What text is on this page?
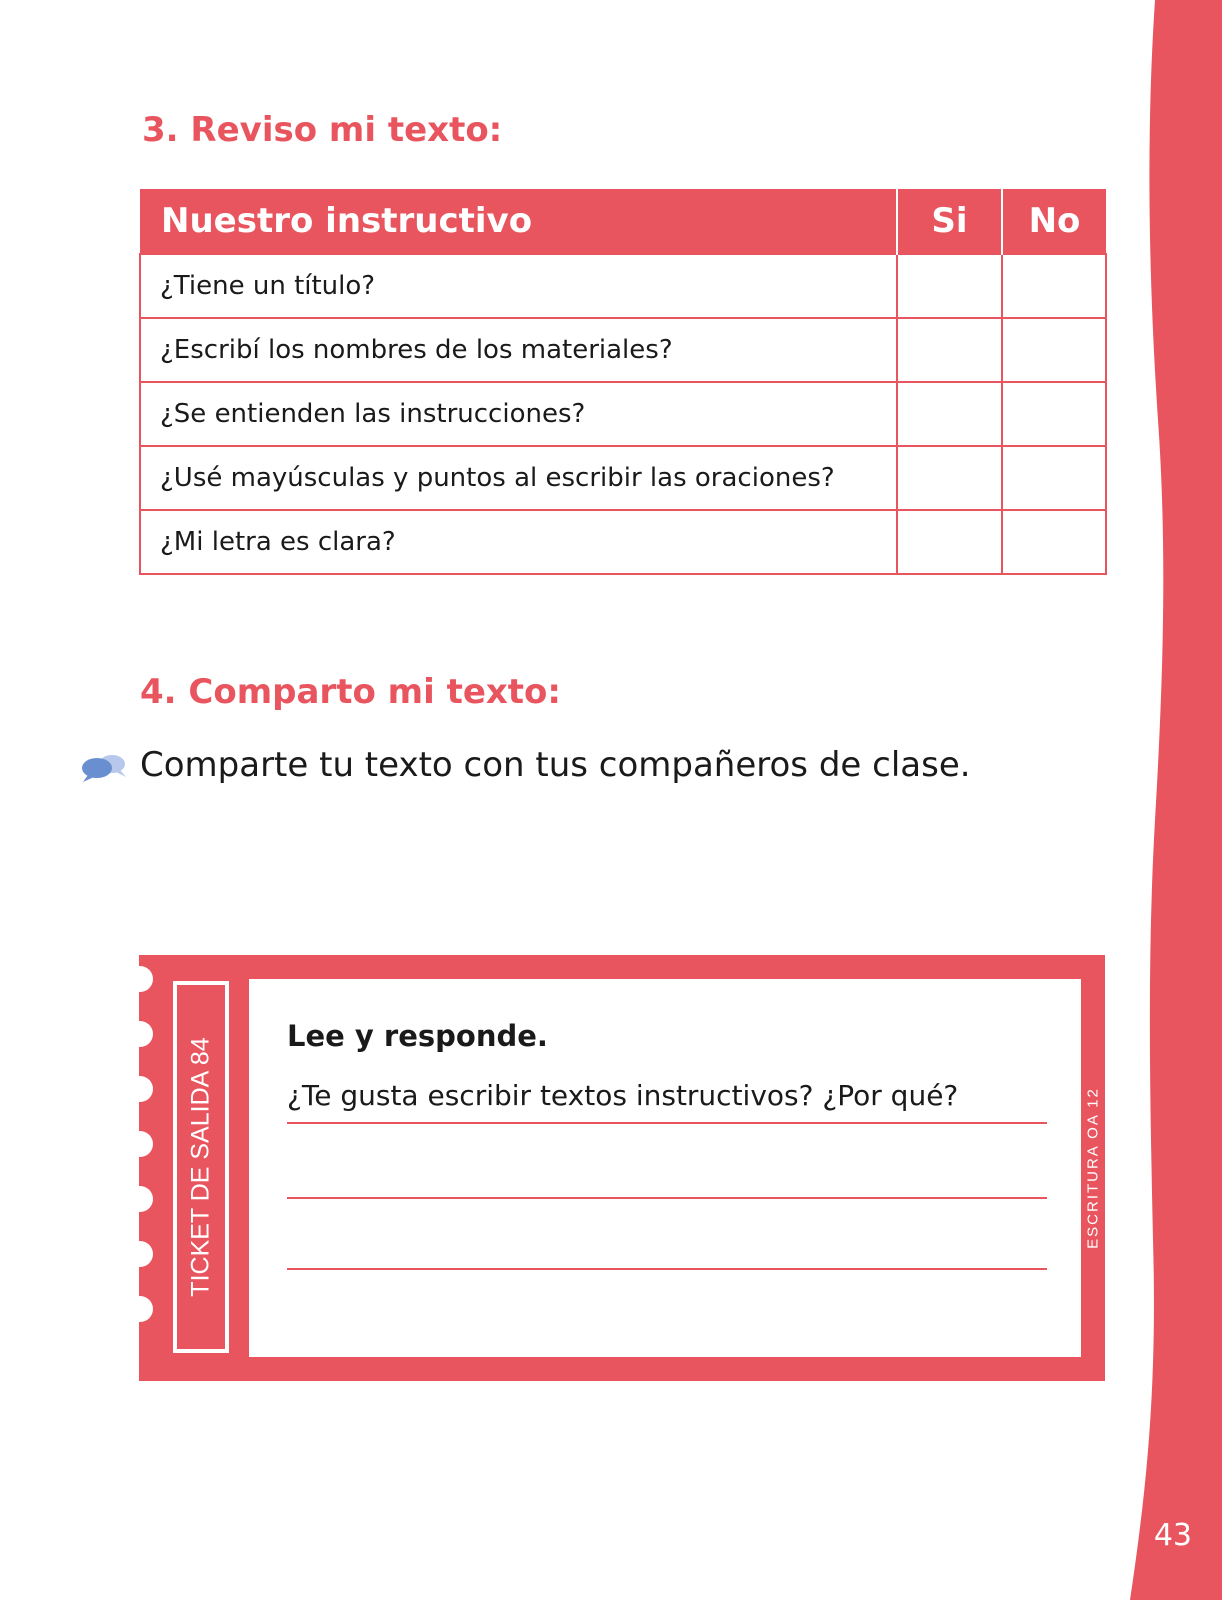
43
3. Reviso mi texto:
Nuestro instructivo	Si	No
¿Tiene un título?		
¿Escribí los nombres de los materiales?		
¿Se entienden las instrucciones?		
¿Usé mayúsculas y puntos al escribir las oraciones?		
¿Mi letra es clara?		
4. Comparto mi texto:
Comparte tu texto con tus compañeros de clase.
TICKET DE SALIDA 84
Lee y responde.
¿Te gusta escribir textos instructivos? ¿Por qué?	ESCRITURA OA 12
